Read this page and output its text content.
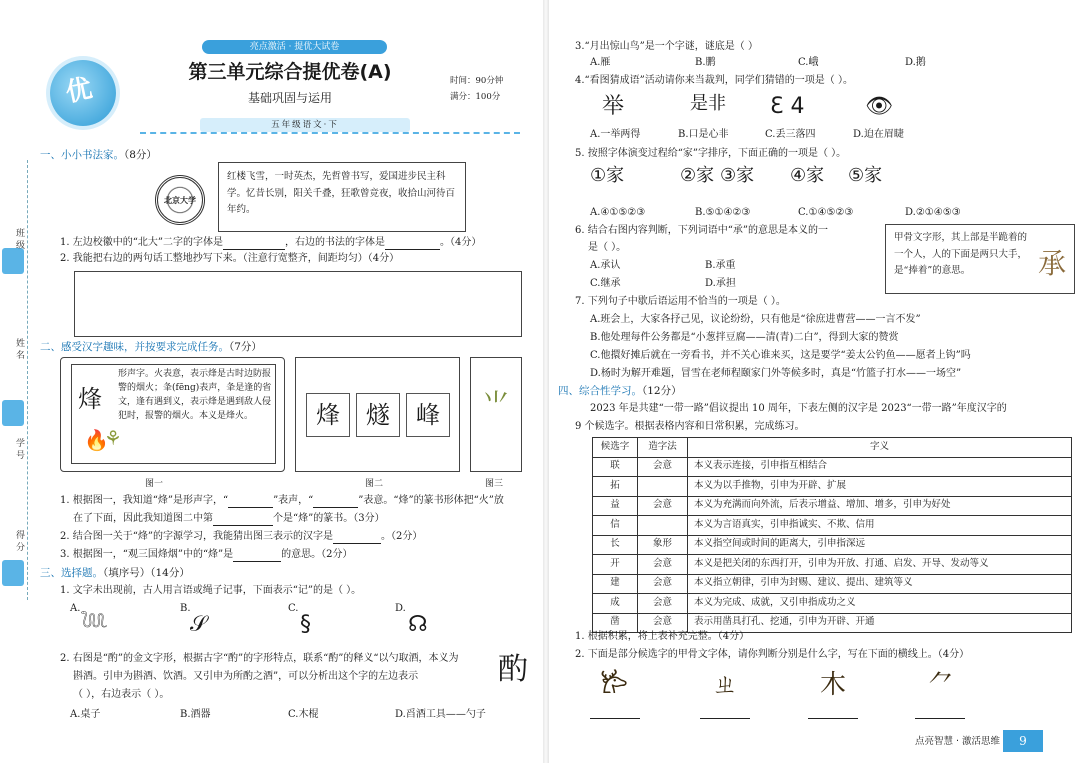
班级
姓名
学号
得分
优
亮点激活 · 提优大试卷
第三单元综合提优卷(A)
基础巩固与运用
时间：90分钟
满分：100分
五年级语文·下
一、小小书法家。（8分）
北京大学
红楼飞雪，一时英杰，先哲曾书写，爱国进步民主科学。忆昔长别，阳关千叠，狂歌曾竞夜，收拾山河待百年约。
1. 左边校徽中的“北大”二字的字体是	，右边的书法的字体是	。（4分）
2. 我能把右边的两句话工整地抄写下来。（注意行宽整齐，间距均匀）（4分）
二、感受汉字趣味，并按要求完成任务。（7分）
烽
🔥
⚘
形声字。火表意，表示烽是古时边防报警的烟火；夆(fēng)表声，夆是逢的省文，逢有遇到义，表示烽是遇到敌人侵犯时，报警的烟火。本义是烽火。	烽	燧	峰	⺌
图一	图二	图三
1. 根据图一，我知道“烽”是形声字，“	”表声，“	”表意。“烽”的篆书形体把“火”放
在了下面，因此我知道图二中第	个是“烽”的篆书。（3分）
2. 结合图一关于“烽”的字源学习，我能猜出图三表示的汉字是	。（2分）
3. 根据图一，“观三国烽烟”中的“烽”是	的意思。（2分）
三、选择题。（填序号）（14分）
1. 文字未出现前，古人用言语或绳子记事，下面表示“记”的是（ ）。
A.	B.	C.	D.
𓆙	𝒮	§	☊
2. 右图是“酌”的金文字形，根据古字“酌”的字形特点，联系“酌”的释义“以勺取酒，本义为
斟酒。引申为斟酒、饮酒。又引申为所酌之酒”，可以分析出这个字的左边表示
（ ），右边表示（ ）。
酌
A.桌子	B.酒器	C.木棍	D.舀酒工具——勺子
3.“月出惊山鸟”是一个字谜，谜底是（ ）
A.雁	B.鹏	C.峨	D.鹅
4.“看图猜成语”活动请你来当裁判，同学们猜错的一项是（ ）。
举	是非 Ɛ 4	👁
A.一举两得	B.口是心非	C.丢三落四	D.迫在眉睫
5. 按照字体演变过程给“家”字排序，下面正确的一项是（ ）。
①家	②家 ③家 ④家 ⑤家
A.④①⑤②③	B.⑤①④②③	C.①④⑤②③	D.②①④⑤③
6. 结合右图内容判断，下列词语中“承”的意思是本义的一
是（ ）。
A.承认	B.承重
C.继承	D.承担
甲骨文字形，其上部是半跪着的一个人，人的下面是两只大手，是“捧着”的意思。	承
7. 下列句子中歇后语运用不恰当的一项是（ ）。
A.班会上，大家各抒己见，议论纷纷，只有他是“徐庶进曹营——一言不发”
B.他处理每件公务都是“小葱拌豆腐——清(青)二白”，得到大家的赞赏
C.他擐好摊后就在一旁看书，并不关心谁来买，这是要学“姜太公钓鱼——愿者上钩”吗
D.杨时为解开难题，冒雪在老师程颐家门外等候多时，真是“竹篮子打水——一场空”
四、综合性学习。（12分）
2023 年是共建“一带一路”倡议提出 10 周年，下表左侧的汉字是 2023“一带一路”年度汉字的
9 个候选字。根据表格内容和日常积累，完成练习。
候选字	造字法	字义
联	会意	本义表示连接，引申指互相结合
拓		本义为以手推物，引申为开辟、扩展
益	会意	本义为充满而向外流，后表示增益、增加、增多，引申为好处
信		本义为言语真实，引申指诚实、不欺、信用
长	象形	本义指空间或时间的距离大，引申指深远
开	会意	本义是把关闭的东西打开，引申为开放、打通、启发、开导、发动等义
建	会意	本义指立朝律，引申为封赐、建议、提出、建筑等义
成	会意	本义为完成、成就，又引申指成功之义
凿	会意	表示用凿具打孔、挖通，引申为开辟、开通
1. 根据积累，将上表补充完整。（4分）
2. 下面是部分候选字的甲骨文字体，请你判断分别是什么字，写在下面的横线上。（4分）
𐂂	ㄓ	木	⺈
点亮智慧 · 激活思维	9
